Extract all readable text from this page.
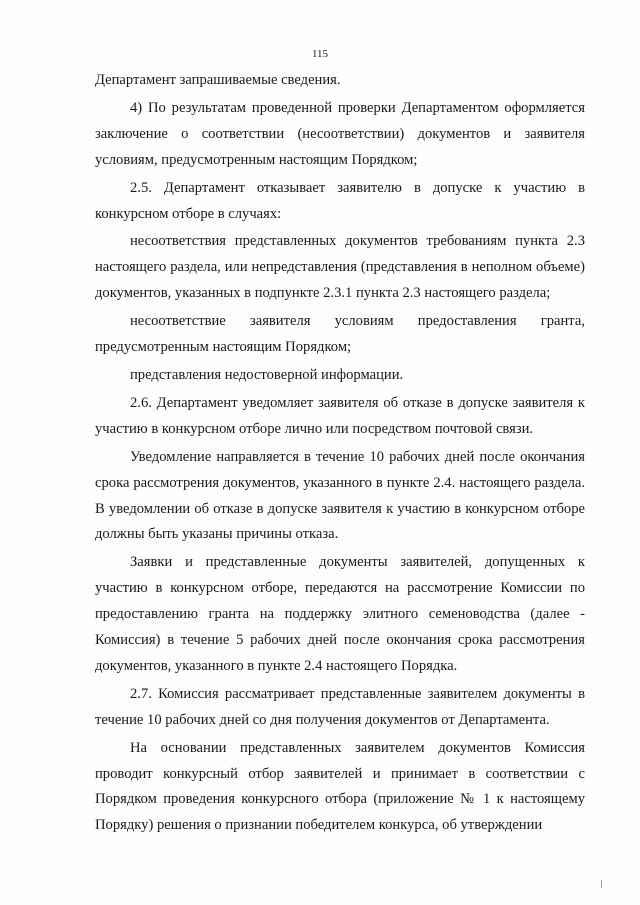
115

Департамент запрашиваемые сведения.

4) По результатам проведенной проверки Департаментом оформляется заключение о соответствии (несоответствии) документов и заявителя условиям, предусмотренным настоящим Порядком;

2.5. Департамент отказывает заявителю в допуске к участию в конкурсном отборе в случаях:

несоответствия представленных документов требованиям пункта 2.3 настоящего раздела, или непредставления (представления в неполном объеме) документов, указанных в подпункте 2.3.1 пункта 2.3 настоящего раздела;

несоответствие заявителя условиям предоставления гранта, предусмотренным настоящим Порядком;

представления недостоверной информации.

2.6. Департамент уведомляет заявителя об отказе в допуске заявителя к участию в конкурсном отборе лично или посредством почтовой связи.

Уведомление направляется в течение 10 рабочих дней после окончания срока рассмотрения документов, указанного в пункте 2.4. настоящего раздела. В уведомлении об отказе в допуске заявителя к участию в конкурсном отборе должны быть указаны причины отказа.

Заявки и представленные документы заявителей, допущенных к участию в конкурсном отборе, передаются на рассмотрение Комиссии по предоставлению гранта на поддержку элитного семеноводства (далее - Комиссия) в течение 5 рабочих дней после окончания срока рассмотрения документов, указанного в пункте 2.4 настоящего Порядка.

2.7. Комиссия рассматривает представленные заявителем документы в течение 10 рабочих дней со дня получения документов от Департамента.

На основании представленных заявителем документов Комиссия проводит конкурсный отбор заявителей и принимает в соответствии с Порядком проведения конкурсного отбора (приложение № 1 к настоящему Порядку) решения о признании победителем конкурса, об утверждении
